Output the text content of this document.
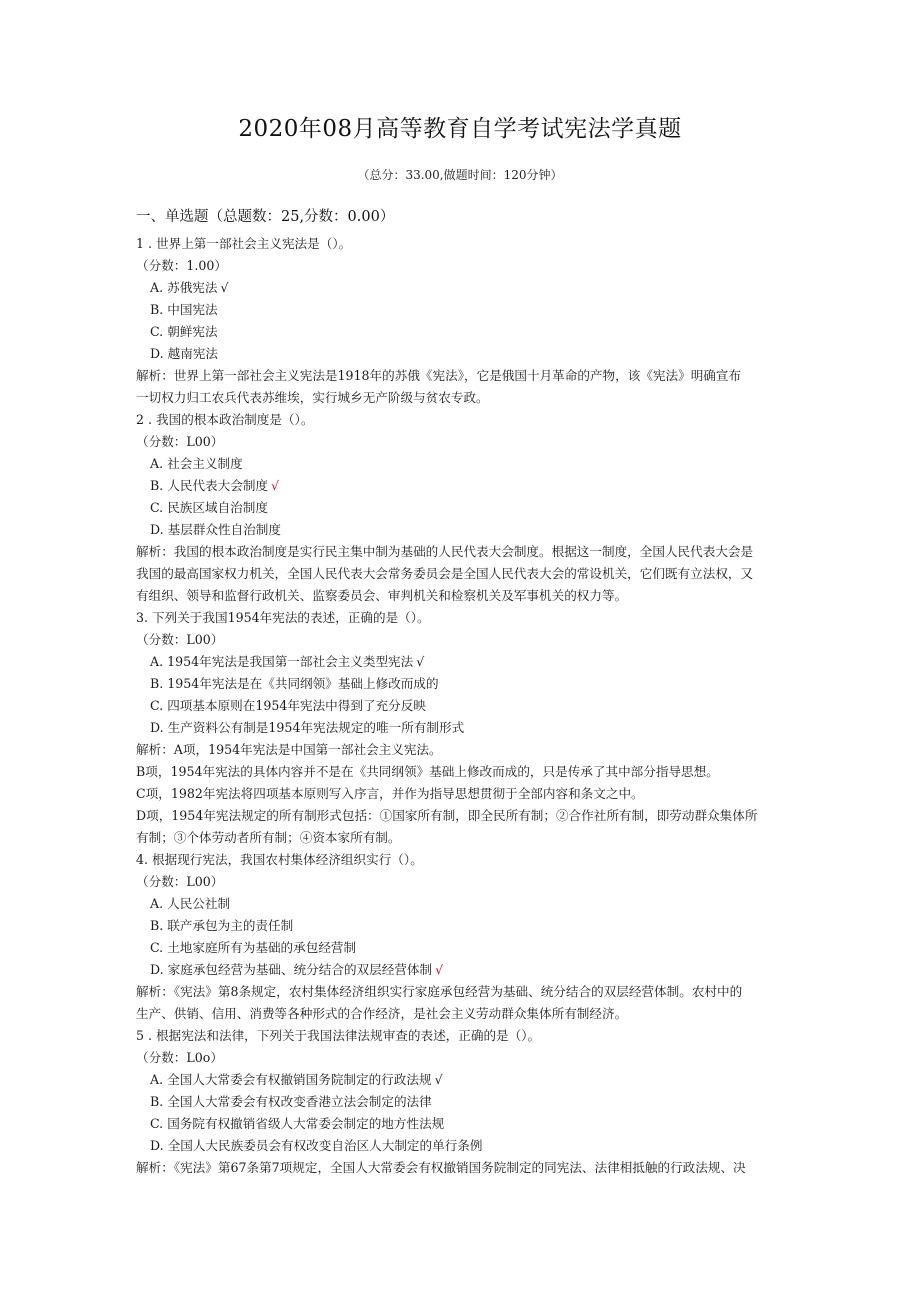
2020年08月高等教育自学考试宪法学真题
（总分：33.00,做题时间：120分钟）
一、单选题（总题数：25,分数：0.00）
1 . 世界上第一部社会主义宪法是（）。
（分数：1.00）
A. 苏俄宪法 √
B. 中国宪法
C. 朝鲜宪法
D. 越南宪法
解析：世界上第一部社会主义宪法是1918年的苏俄《宪法》，它是俄国十月革命的产物，该《宪法》明确宣布
一切权力归工农兵代表苏维埃，实行城乡无产阶级与贫农专政。
2 . 我国的根本政治制度是（）。
（分数：L00）
A. 社会主义制度
B. 人民代表大会制度 √
C. 民族区域自治制度
D. 基层群众性自治制度
解析：我国的根本政治制度是实行民主集中制为基础的人民代表大会制度。根据这一制度，全国人民代表大会是
我国的最高国家权力机关，全国人民代表大会常务委员会是全国人民代表大会的常设机关，它们既有立法权，又
有组织、领导和监督行政机关、监察委员会、审判机关和检察机关及军事机关的权力等。
3. 下列关于我国1954年宪法的表述，正确的是（）。
（分数：L00）
A. 1954年宪法是我国第一部社会主义类型宪法 √
B. 1954年宪法是在《共同纲领》基础上修改而成的
C. 四项基本原则在1954年宪法中得到了充分反映
D. 生产资料公有制是1954年宪法规定的唯一所有制形式
解析：A项，1954年宪法是中国第一部社会主义宪法。
B项，1954年宪法的具体内容并不是在《共同纲领》基础上修改而成的，只是传承了其中部分指导思想。
C项，1982年宪法将四项基本原则写入序言，并作为指导思想贯彻于全部内容和条文之中。
D项，1954年宪法规定的所有制形式包括：①国家所有制，即全民所有制；②合作社所有制，即劳动群众集体所
有制；③个体劳动者所有制；④资本家所有制。
4. 根据现行宪法，我国农村集体经济组织实行（）。
（分数：L00）
A. 人民公社制
B. 联产承包为主的责任制
C. 土地家庭所有为基础的承包经营制
D. 家庭承包经营为基础、统分结合的双层经营体制 √
解析：《宪法》第8条规定，农村集体经济组织实行家庭承包经营为基础、统分结合的双层经营体制。农村中的
生产、供销、信用、消费等各种形式的合作经济，是社会主义劳动群众集体所有制经济。
5 . 根据宪法和法律，下列关于我国法律法规审查的表述，正确的是（）。
（分数：L0o）
A. 全国人大常委会有权撤销国务院制定的行政法规 √
B. 全国人大常委会有权改变香港立法会制定的法律
C. 国务院有权撤销省级人大常委会制定的地方性法规
D. 全国人大民族委员会有权改变自治区人大制定的单行条例
解析：《宪法》第67条第7项规定，全国人大常委会有权撤销国务院制定的同宪法、法律相抵触的行政法规、决
